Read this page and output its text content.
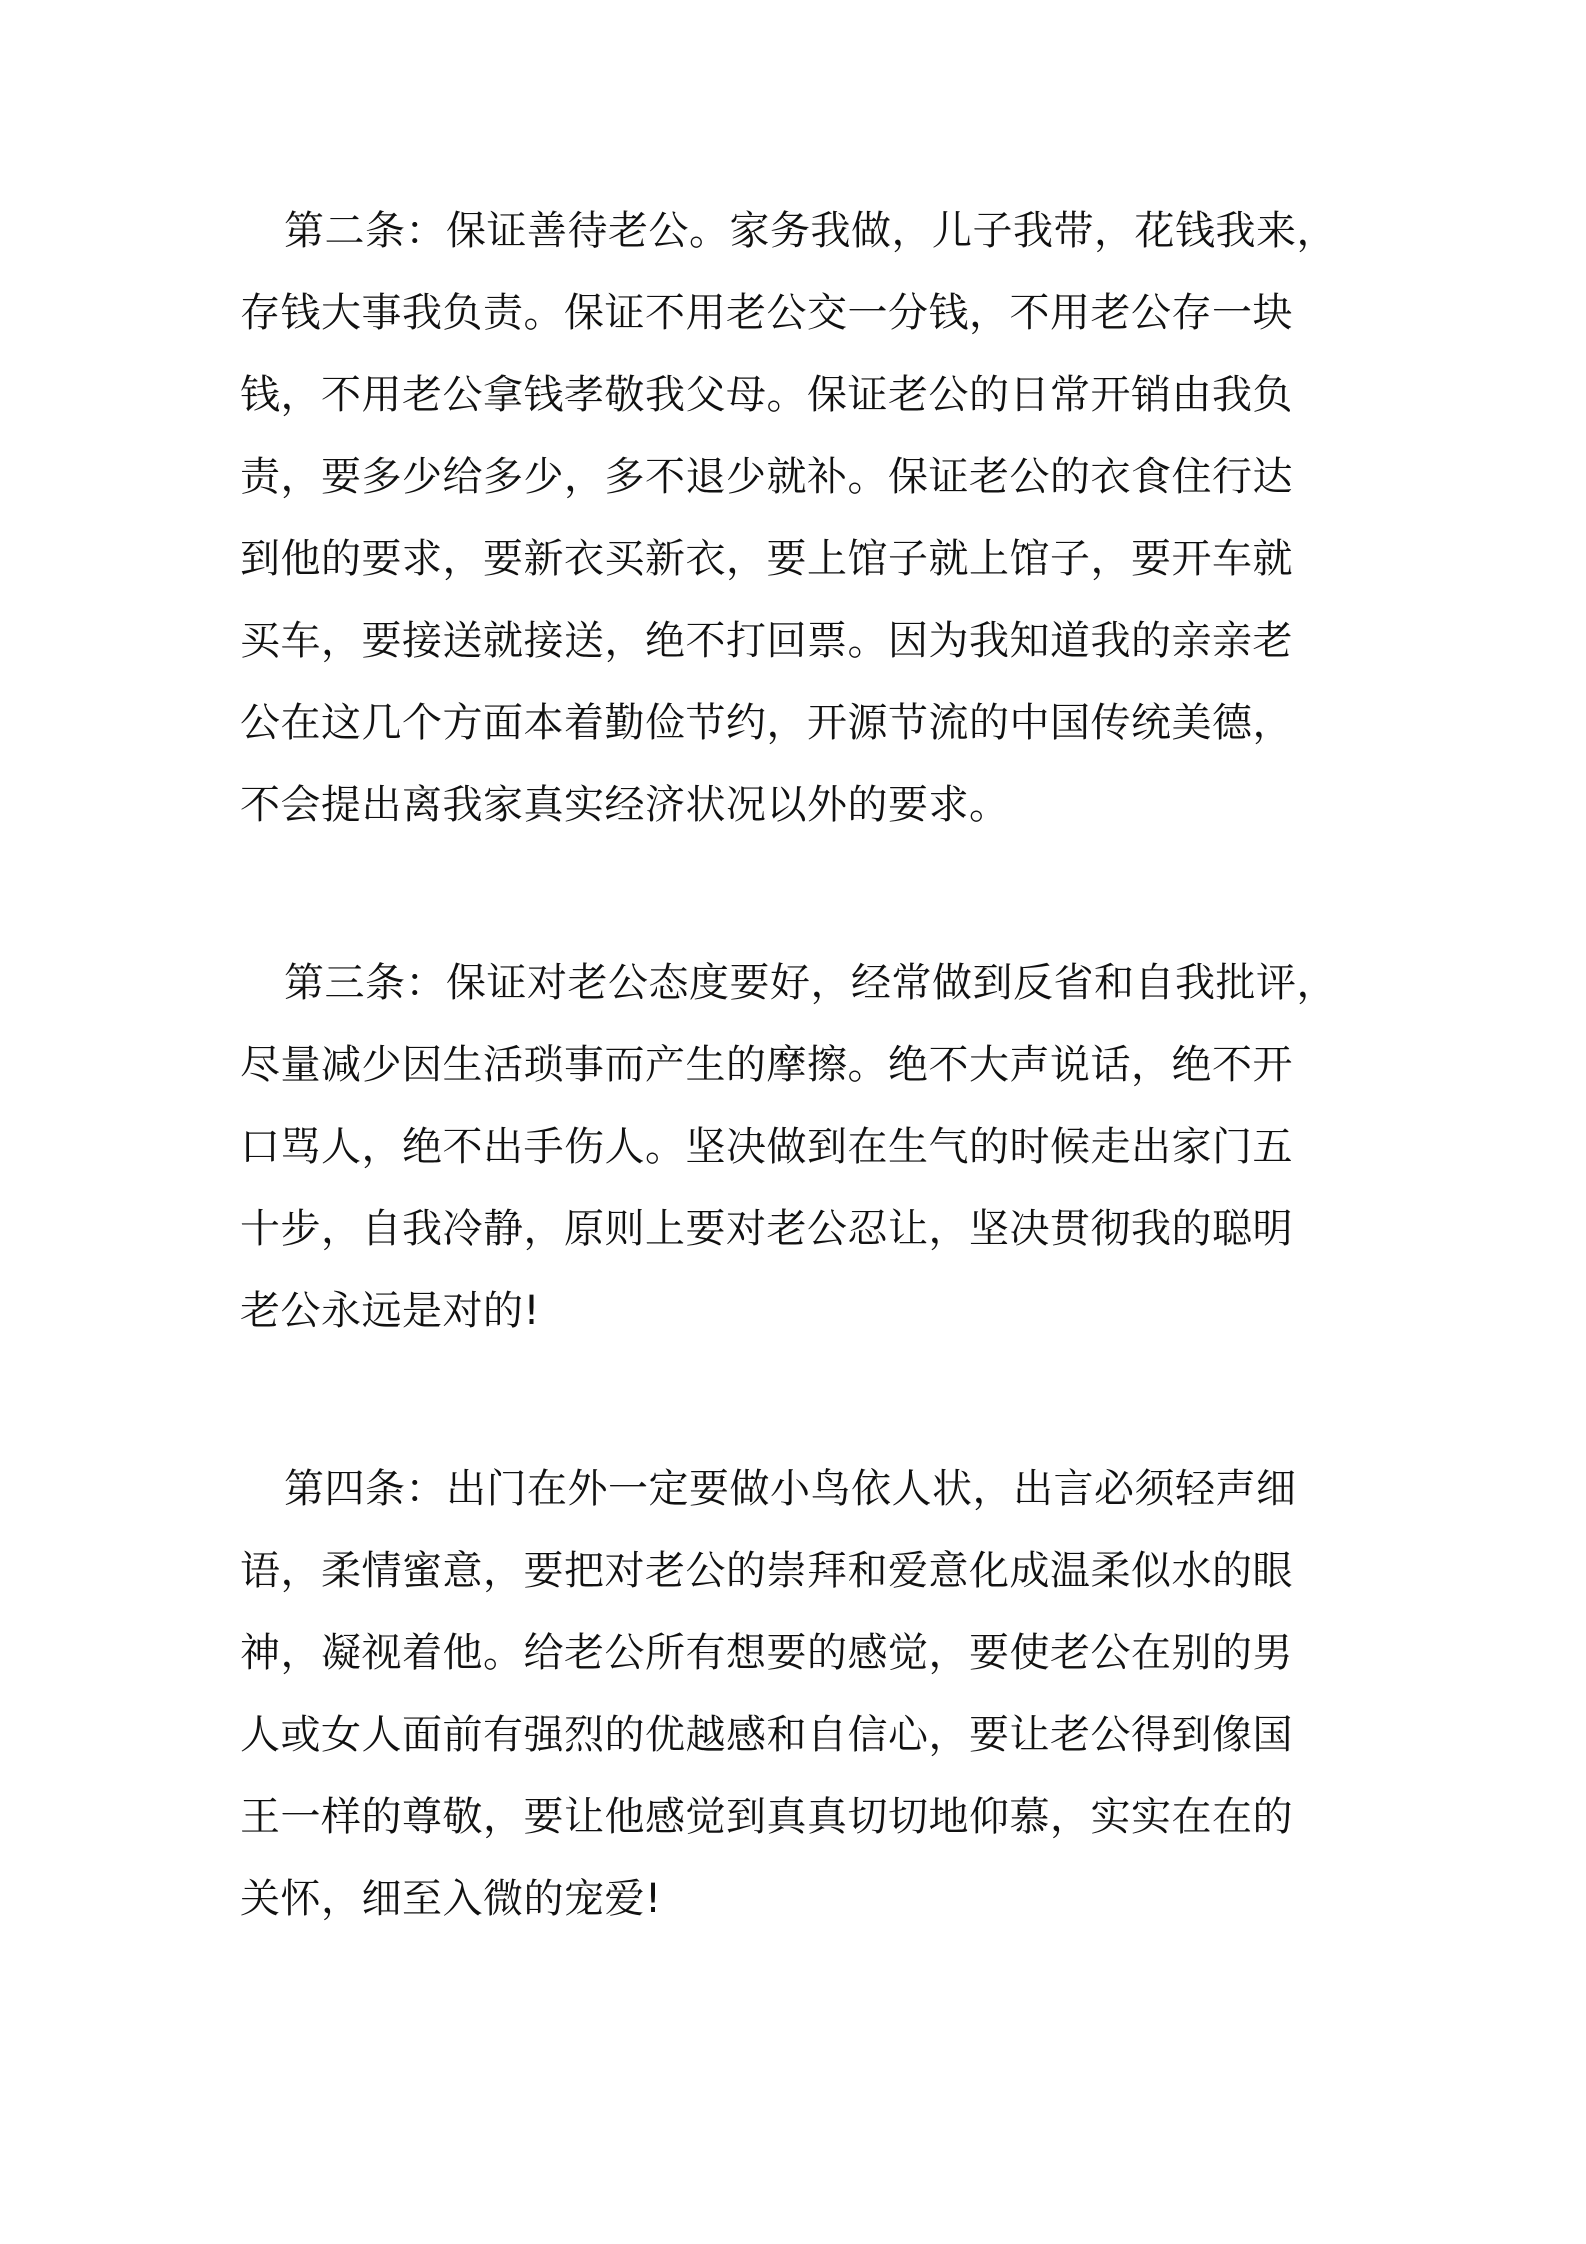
第二条：保证善待老公。家务我做，儿子我带，花钱我来，
存钱大事我负责。保证不用老公交一分钱，不用老公存一块
钱，不用老公拿钱孝敬我父母。保证老公的日常开销由我负
责，要多少给多少，多不退少就补。保证老公的衣食住行达
到他的要求，要新衣买新衣，要上馆子就上馆子，要开车就
买车，要接送就接送，绝不打回票。因为我知道我的亲亲老
公在这几个方面本着勤俭节约，开源节流的中国传统美德，
不会提出离我家真实经济状况以外的要求。

第三条：保证对老公态度要好，经常做到反省和自我批评，
尽量减少因生活琐事而产生的摩擦。绝不大声说话，绝不开
口骂人，绝不出手伤人。坚决做到在生气的时候走出家门五
十步，自我冷静，原则上要对老公忍让，坚决贯彻我的聪明
老公永远是对的!

第四条：出门在外一定要做小鸟依人状，出言必须轻声细
语，柔情蜜意，要把对老公的崇拜和爱意化成温柔似水的眼
神，凝视着他。给老公所有想要的感觉，要使老公在别的男
人或女人面前有强烈的优越感和自信心，要让老公得到像国
王一样的尊敬，要让他感觉到真真切切地仰慕，实实在在的
关怀，细至入微的宠爱!
